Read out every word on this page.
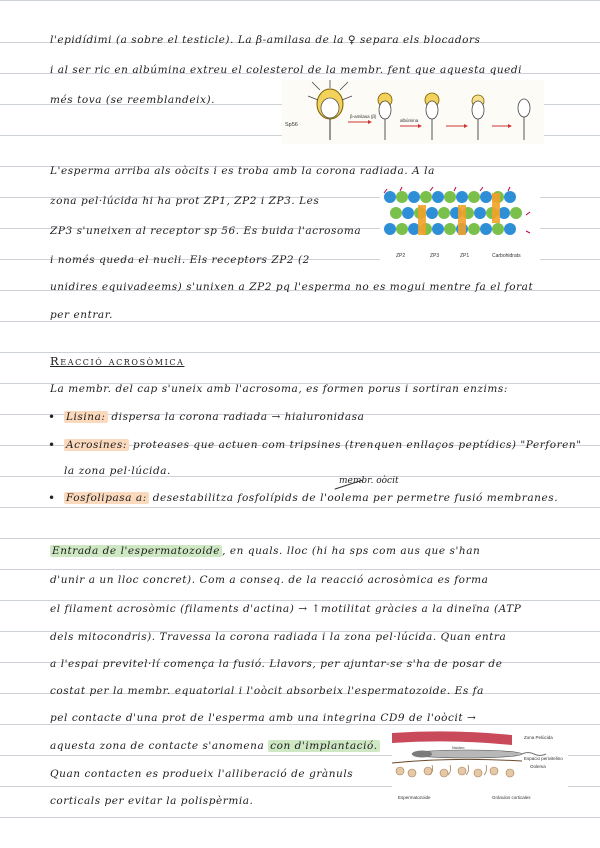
l'epidídimi (a sobre el testicle). La β-amilasa de la ♀ separa els blocadors
i al ser ric en albúmina extreu el colesterol de la membr. fent que aquesta quedi
més tova (se reemblandeix).
Sp56
β-amilasa (β)
albúmina
L'esperma arriba als oòcits i es troba amb la corona radiada. A la
zona pel·lúcida hi ha prot ZP1, ZP2 i ZP3. Les
ZP3 s'uneixen al receptor sp 56. Es buida l'acrosoma
i només queda el nucli. Els receptors ZP2 (2
unidires equivadeems) s'unixen a ZP2 pq l'esperma no es mogui mentre fa el forat
per entrar.
ZP2	ZP3	ZP1	Carbohidrats
Reacció acrosòmica
La membr. del cap s'uneix amb l'acrosoma, es formen porus i sortiran enzims:
• Lisina: dispersa la corona radiada → hialuronidasa
• Acrosines: proteases que actuen com tripsines (trenquen enllaços peptídics) "Perforen"
la zona pel·lúcida.
membr. oòcit
• Fosfolipasa a: desestabilitza fosfolípids de l'oolema per permetre fusió membranes.
Entrada de l'espermatozoide , en quals. lloc (hi ha sps com aus que s'han
d'unir a un lloc concret). Com a conseq. de la reacció acrosòmica es forma
el filament acrosòmic (filaments d'actina) → ↑motilitat gràcies a la dineïna (ATP
dels mitocondris). Travessa la corona radiada i la zona pel·lúcida. Quan entra
a l'espai previtel·lí comença la fusió. Llavors, per ajuntar-se s'ha de posar de
costat per la membr. equatorial i l'oòcit absorbeix l'espermatozoide. Es fa
pel contacte d'una prot de l'esperma amb una integrina CD9 de l'oòcit →
aquesta zona de contacte s'anomena con d'implantació.
Quan contacten es produeix l'alliberació de grànuls
corticals per evitar la polispèrmia.
Zona Pelúcida
Espacio perivitelino
Oolema
Núcleo
Espermatozoide	Gránulos corticales
